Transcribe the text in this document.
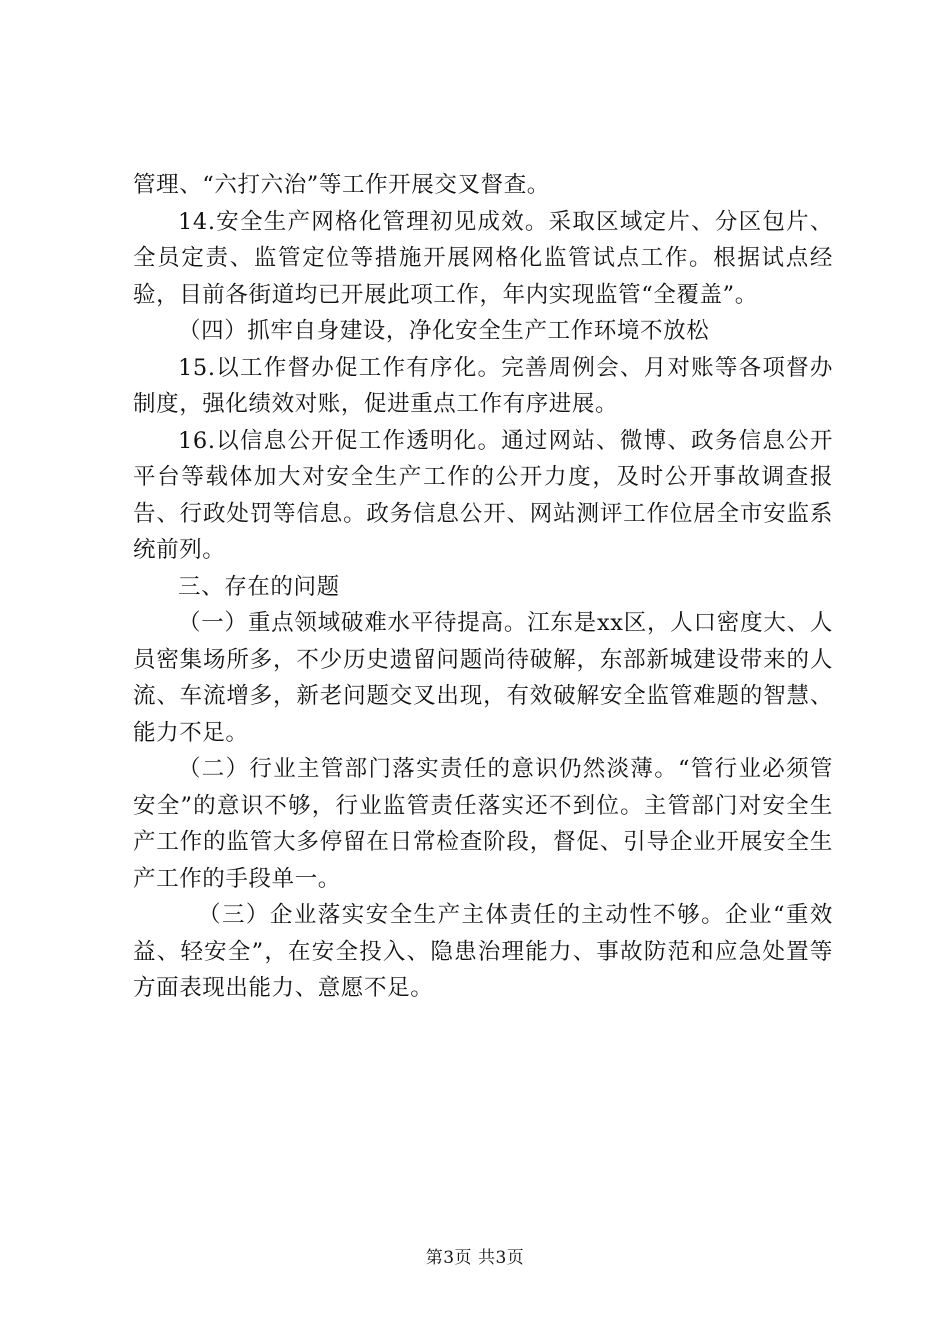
管理、“六打六治”等工作开展交叉督查。

14.安全生产网格化管理初见成效。采取区域定片、分区包片、全员定责、监管定位等措施开展网格化监管试点工作。根据试点经验，目前各街道均已开展此项工作，年内实现监管“全覆盖”。

（四）抓牢自身建设，净化安全生产工作环境不放松

15.以工作督办促工作有序化。完善周例会、月对账等各项督办制度，强化绩效对账，促进重点工作有序进展。

16.以信息公开促工作透明化。通过网站、微博、政务信息公开平台等载体加大对安全生产工作的公开力度，及时公开事故调查报告、行政处罚等信息。政务信息公开、网站测评工作位居全市安监系统前列。

三、存在的问题

（一）重点领域破难水平待提高。江东是xx区，人口密度大、人员密集场所多，不少历史遗留问题尚待破解，东部新城建设带来的人流、车流增多，新老问题交叉出现，有效破解安全监管难题的智慧、能力不足。

（二）行业主管部门落实责任的意识仍然淡薄。“管行业必须管安全”的意识不够，行业监管责任落实还不到位。主管部门对安全生产工作的监管大多停留在日常检查阶段，督促、引导企业开展安全生产工作的手段单一。

（三）企业落实安全生产主体责任的主动性不够。企业“重效益、轻安全”，在安全投入、隐患治理能力、事故防范和应急处置等方面表现出能力、意愿不足。

第3页 共3页
